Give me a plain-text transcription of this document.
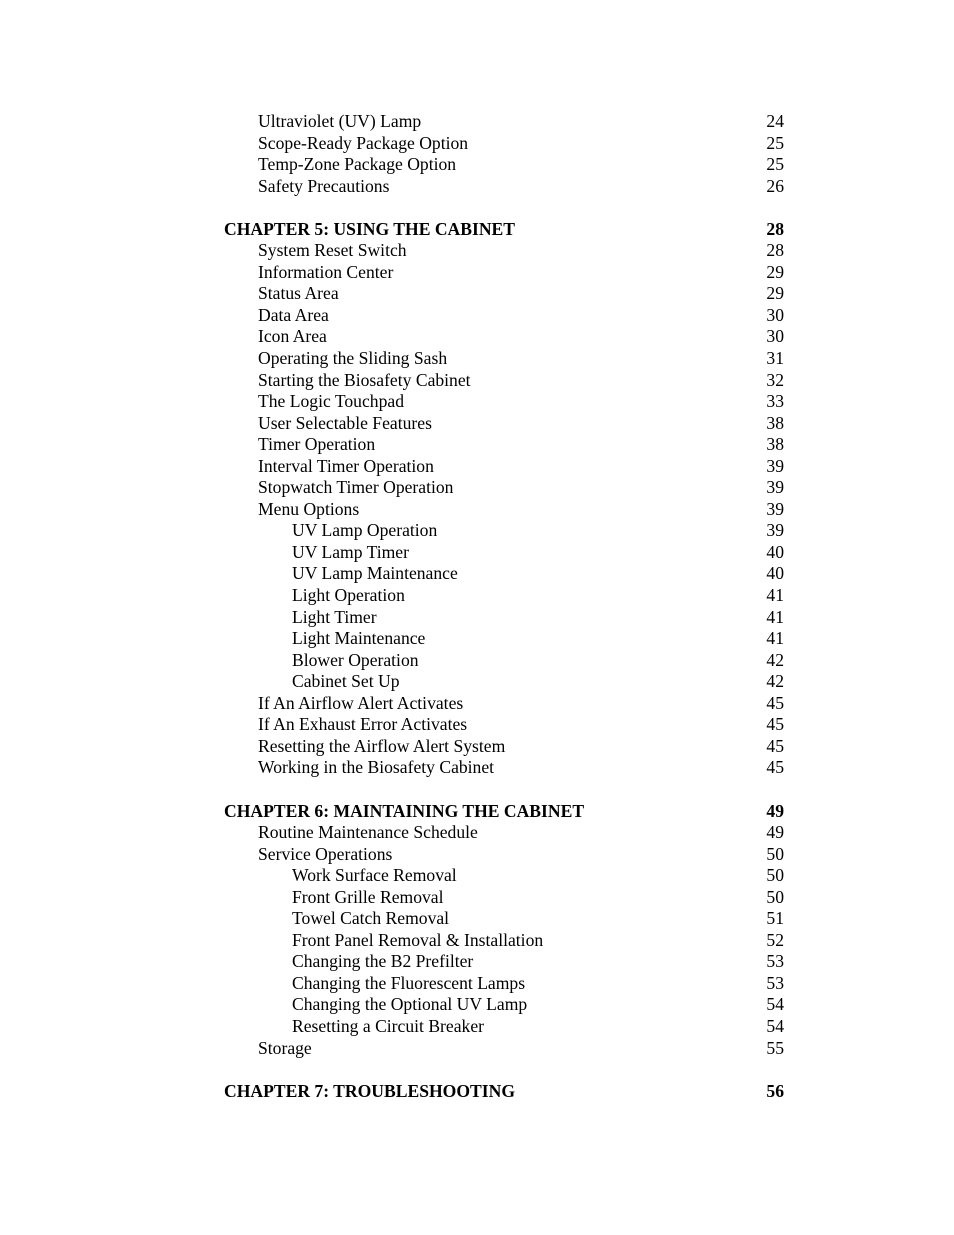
Ultraviolet (UV) Lamp	24
Scope-Ready Package Option	25
Temp-Zone Package Option	25
Safety Precautions	26
CHAPTER 5: USING THE CABINET	28
System Reset Switch	28
Information Center	29
Status Area	29
Data Area	30
Icon Area	30
Operating the Sliding Sash	31
Starting the Biosafety Cabinet	32
The Logic Touchpad	33
User Selectable Features	38
Timer Operation	38
Interval Timer Operation	39
Stopwatch Timer Operation	39
Menu Options	39
UV Lamp Operation	39
UV Lamp Timer	40
UV Lamp Maintenance	40
Light Operation	41
Light Timer	41
Light Maintenance	41
Blower Operation	42
Cabinet Set Up	42
If An Airflow Alert Activates	45
If An Exhaust Error Activates	45
Resetting the Airflow Alert System	45
Working in the Biosafety Cabinet	45
CHAPTER 6: MAINTAINING THE CABINET	49
Routine Maintenance Schedule	49
Service Operations	50
Work Surface Removal	50
Front Grille Removal	50
Towel Catch Removal	51
Front Panel Removal & Installation	52
Changing the B2 Prefilter	53
Changing the Fluorescent Lamps	53
Changing the Optional UV Lamp	54
Resetting a Circuit Breaker	54
Storage	55
CHAPTER 7: TROUBLESHOOTING	56
